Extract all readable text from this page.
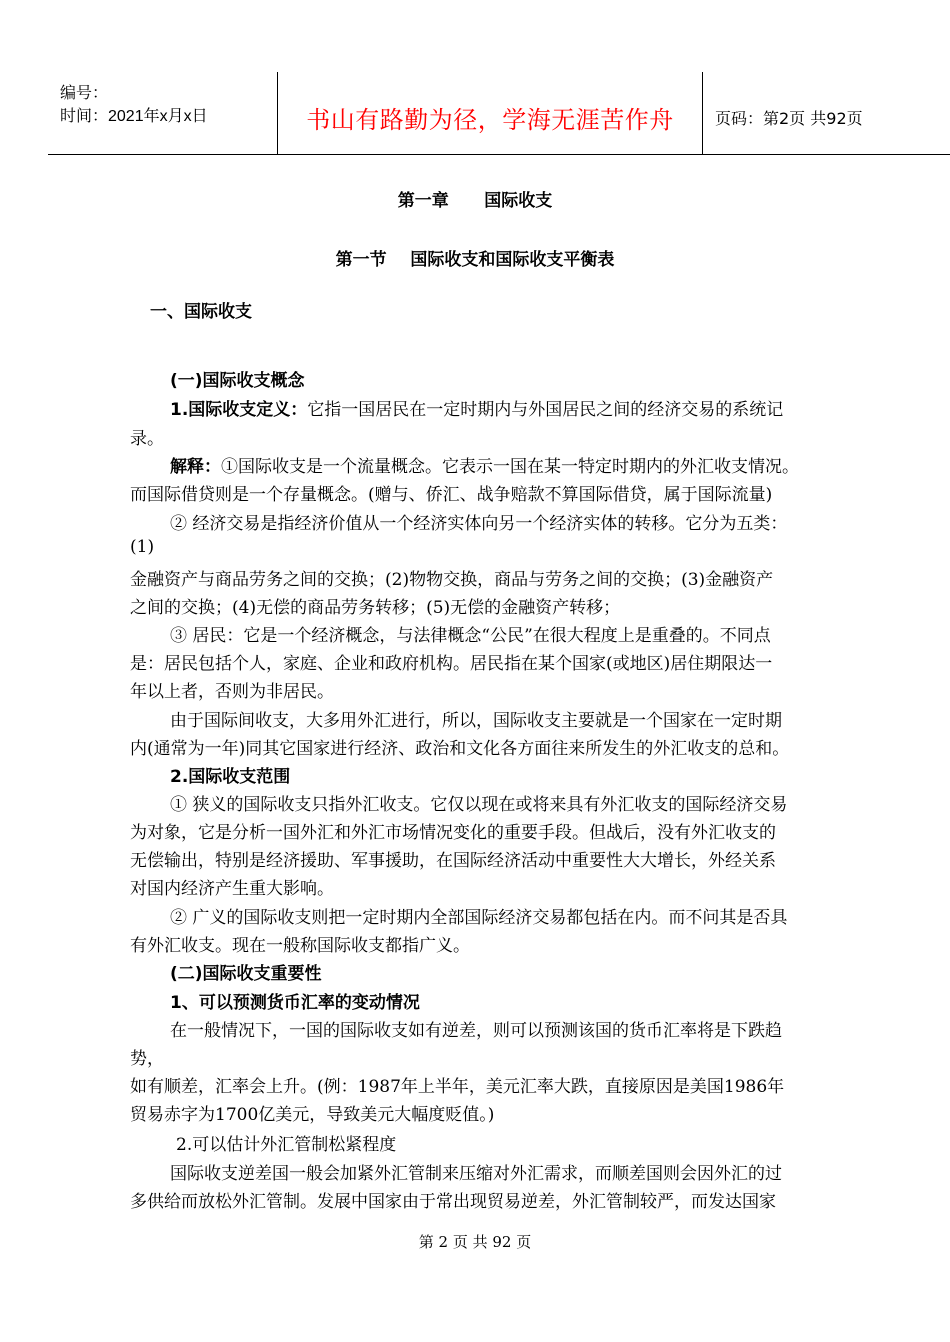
编号：
时间：2021年x月x日	书山有路勤为径，学海无涯苦作舟	页码：第2页 共92页
第一章      国际收支
第一节    国际收支和国际收支平衡表
一、国际收支
(一)国际收支概念
1.国际收支定义：它指一国居民在一定时期内与外国居民之间的经济交易的系统记
录。
解释：①国际收支是一个流量概念。它表示一国在某一特定时期内的外汇收支情况。
而国际借贷则是一个存量概念。(赠与、侨汇、战争赔款不算国际借贷，属于国际流量)
② 经济交易是指经济价值从一个经济实体向另一个经济实体的转移。它分为五类：
(1)
金融资产与商品劳务之间的交换；(2)物物交换，商品与劳务之间的交换；(3)金融资产
之间的交换；(4)无偿的商品劳务转移；(5)无偿的金融资产转移；
③ 居民：它是一个经济概念，与法律概念“公民”在很大程度上是重叠的。不同点
是：居民包括个人，家庭、企业和政府机构。居民指在某个国家(或地区)居住期限达一
年以上者，否则为非居民。
由于国际间收支，大多用外汇进行，所以，国际收支主要就是一个国家在一定时期
内(通常为一年)同其它国家进行经济、政治和文化各方面往来所发生的外汇收支的总和。
2.国际收支范围
① 狭义的国际收支只指外汇收支。它仅以现在或将来具有外汇收支的国际经济交易
为对象，它是分析一国外汇和外汇市场情况变化的重要手段。但战后，没有外汇收支的
无偿输出，特别是经济援助、军事援助，在国际经济活动中重要性大大增长，外经关系
对国内经济产生重大影响。
② 广义的国际收支则把一定时期内全部国际经济交易都包括在内。而不问其是否具
有外汇收支。现在一般称国际收支都指广义。
(二)国际收支重要性
1、可以预测货币汇率的变动情况
在一般情况下，一国的国际收支如有逆差，则可以预测该国的货币汇率将是下跌趋
势，
如有顺差，汇率会上升。(例：1987年上半年，美元汇率大跌，直接原因是美国1986年
贸易赤字为1700亿美元，导致美元大幅度贬值。)
2.可以估计外汇管制松紧程度
国际收支逆差国一般会加紧外汇管制来压缩对外汇需求，而顺差国则会因外汇的过
多供给而放松外汇管制。发展中国家由于常出现贸易逆差，外汇管制较严，而发达国家
第 2 页 共 92 页
